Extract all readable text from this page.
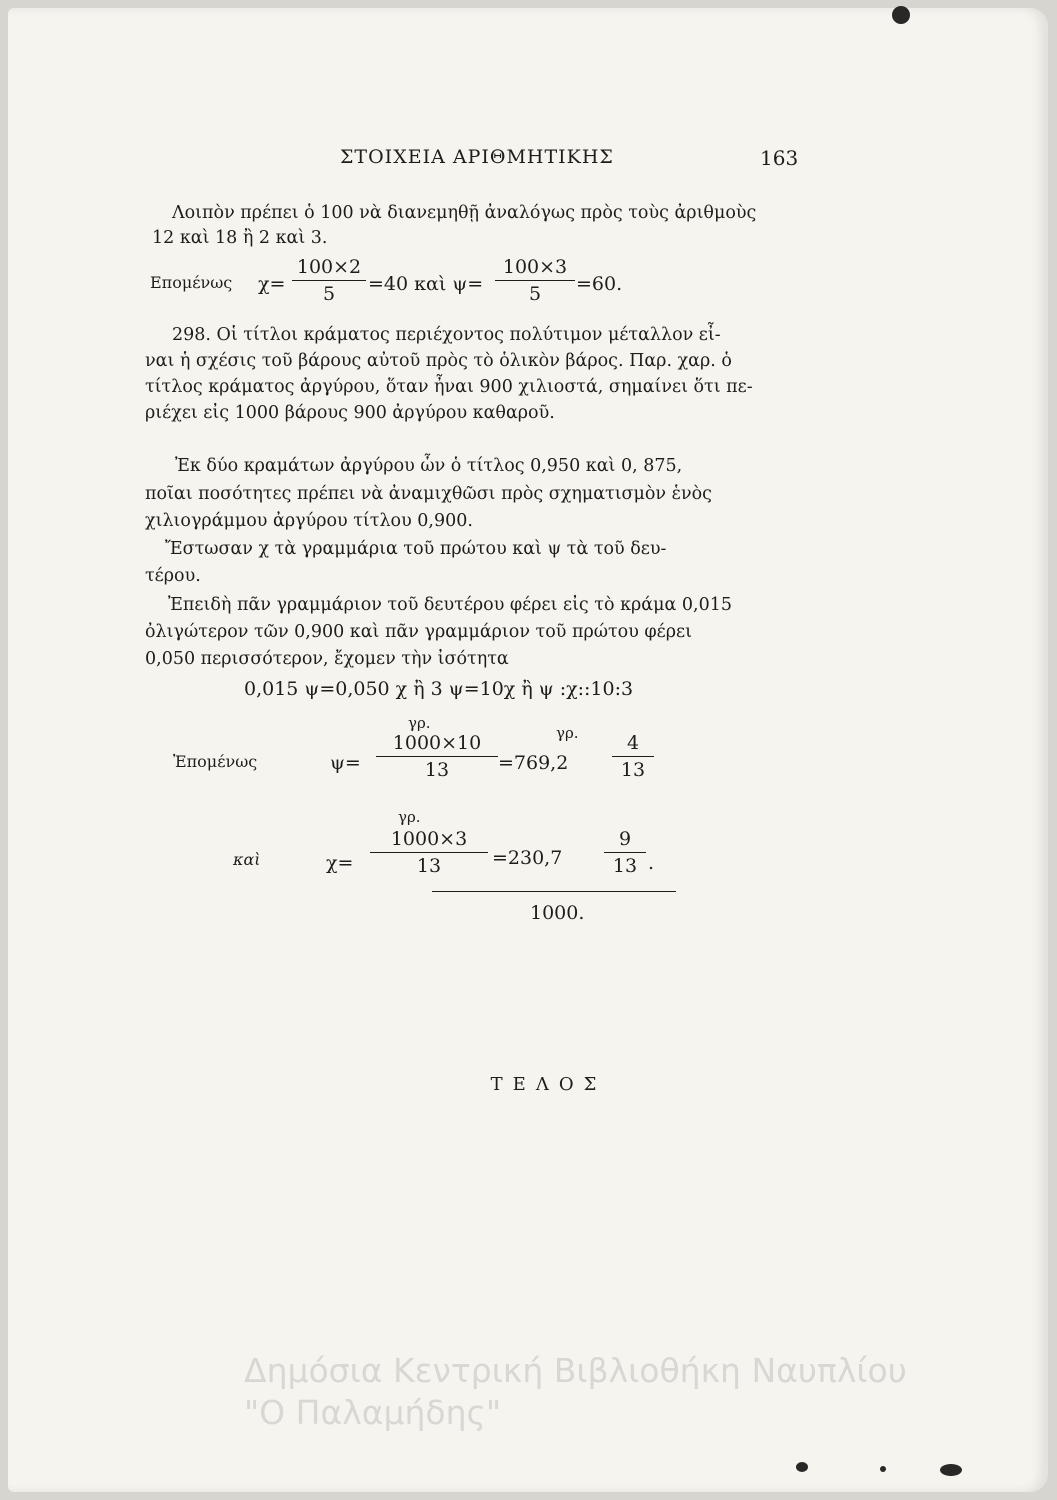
ΣΤΟΙΧΕΙΑ ΑΡΙΘΜΗΤΙΚΗΣ	163
Λοιπὸν πρέπει ὁ 100 νὰ διανεμηθῇ ἀναλόγως πρὸς τοὺς ἀριθμοὺς
12 καὶ 18 ἢ 2 καὶ 3.
Επομένως χ=
100×2
5	=40 καὶ ψ=
100×3
5	=60.
298. Οἱ τίτλοι κράματος περιέχοντος πολύτιμον μέταλλον εἶ-
ναι ἡ σχέσις τοῦ βάρους αὐτοῦ πρὸς τὸ ὁλικὸν βάρος. Παρ. χαρ. ὁ
τίτλος κράματος ἀργύρου, ὅταν ἦναι 900 χιλιοστά, σημαίνει ὅτι πε-
ριέχει εἰς 1000 βάρους 900 ἀργύρου καθαροῦ.
Ἐκ δύο κραμάτων ἀργύρου ὧν ὁ τίτλος 0,950 καὶ 0, 875,
ποῖαι ποσότητες πρέπει νὰ ἀναμιχθῶσι πρὸς σχηματισμὸν ἑνὸς
χιλιογράμμου ἀργύρου τίτλου 0,900.
Ἔστωσαν χ τὰ γραμμάρια τοῦ πρώτου καὶ ψ τὰ τοῦ δευ-
τέρου.
Ἐπειδὴ πᾶν γραμμάριον τοῦ δευτέρου φέρει εἰς τὸ κράμα 0,015
ὀλιγώτερον τῶν 0,900 καὶ πᾶν γραμμάριον τοῦ πρώτου φέρει
0,050 περισσότερον, ἔχομεν τὴν ἰσότητα
0,015 ψ=0,050 χ ἢ 3 ψ=10χ ἢ ψ :χ::10:3
Ἐπομένως
γρ.
ψ=
1000×10
13
γρ.
=769,2
4
13
καὶ
γρ.
χ=
1000×3
13	=230,7
9
13 .
1000.
ΤΕΛΟΣ
Δημόσια Κεντρική Βιβλιοθήκη Ναυπλίου
"Ο Παλαμήδης"
